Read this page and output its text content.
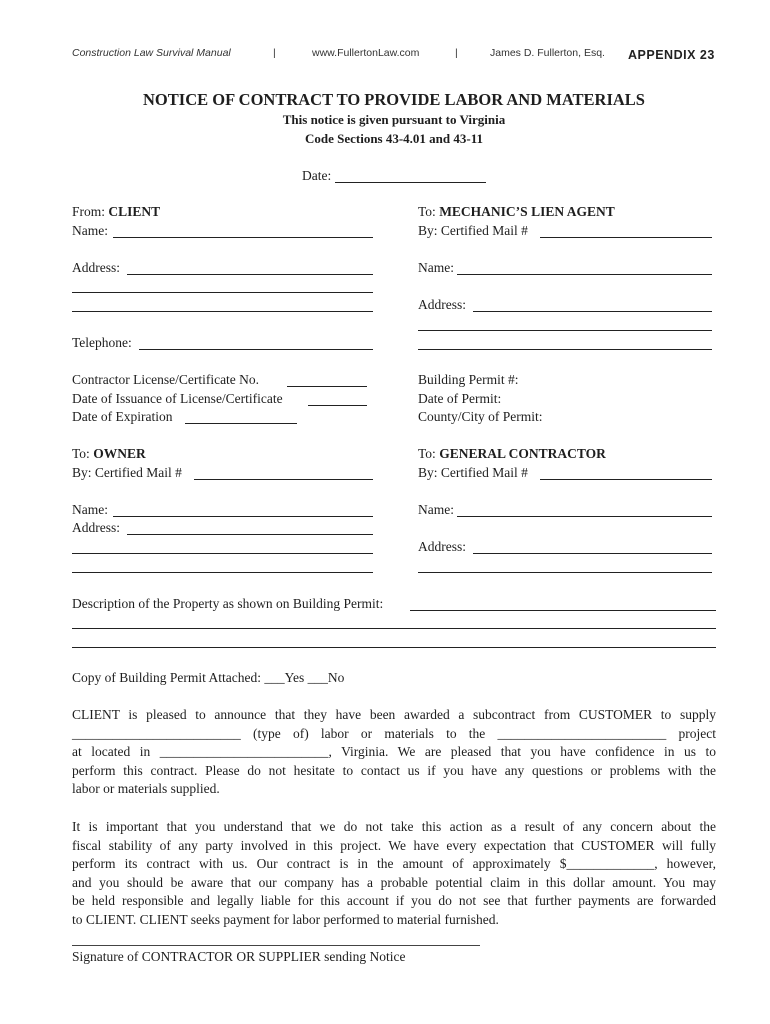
Construction Law Survival Manual	|	www.FullertonLaw.com	|	James D. Fullerton, Esq. APPENDIX 23
NOTICE OF CONTRACT TO PROVIDE LABOR AND MATERIALS
This notice is given pursuant to Virginia
Code Sections 43-4.01 and 43-11
Date:
From: CLIENT
Name:
Address:
Telephone:
Contractor License/Certificate No.
Date of Issuance of License/Certificate
Date of Expiration
To: MECHANIC’S LIEN AGENT
By: Certified Mail #
Name:
Address:
Building Permit #:
Date of Permit:
County/City of Permit:
To: OWNER
By: Certified Mail #
Name:
Address:
To: GENERAL CONTRACTOR
By: Certified Mail #
Name:
Address:
Description of the Property as shown on Building Permit:
Copy of Building Permit Attached: ___Yes ___No
CLIENT is pleased to announce that they have been awarded a subcontract from CUSTOMER to supply
_________________________ (type of) labor or materials to the _________________________ project
at located in _________________________, Virginia. We are pleased that you have confidence in us to
perform this contract. Please do not hesitate to contact us if you have any questions or problems with the
labor or materials supplied.
It is important that you understand that we do not take this action as a result of any concern about the
fiscal stability of any party involved in this project. We have every expectation that CUSTOMER will fully
perform its contract with us. Our contract is in the amount of approximately $_____________, however,
and you should be aware that our company has a probable potential claim in this dollar amount. You may
be held responsible and legally liable for this account if you do not see that further payments are forwarded
to CLIENT. CLIENT seeks payment for labor performed to material furnished.
Signature of CONTRACTOR OR SUPPLIER sending Notice
